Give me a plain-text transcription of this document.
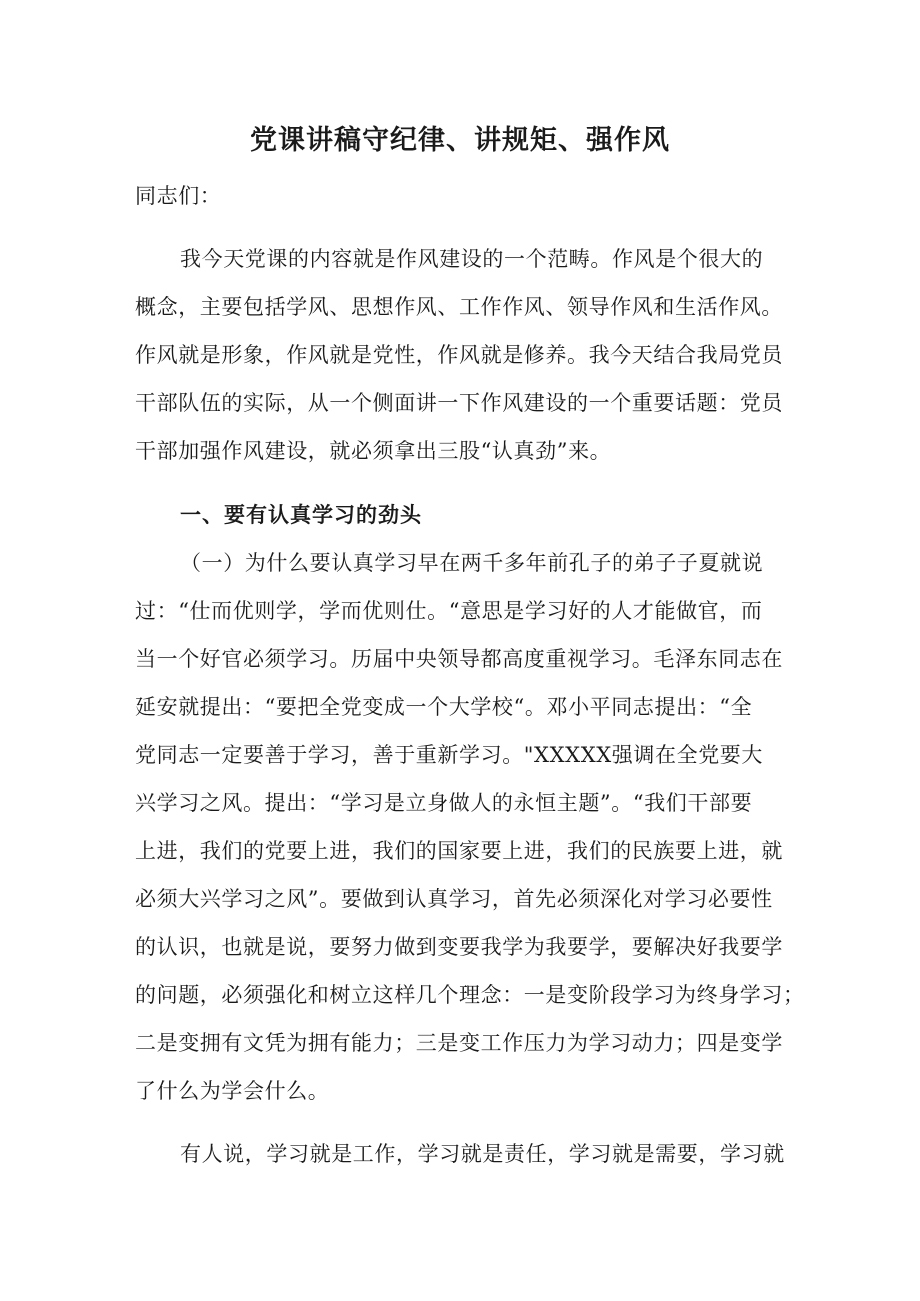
党课讲稿守纪律、讲规矩、强作风
同志们：
我今天党课的内容就是作风建设的一个范畴。作风是个很大的
概念，主要包括学风、思想作风、工作作风、领导作风和生活作风。
作风就是形象，作风就是党性，作风就是修养。我今天结合我局党员
干部队伍的实际，从一个侧面讲一下作风建设的一个重要话题：党员
干部加强作风建设，就必须拿出三股“认真劲”来。
一、要有认真学习的劲头
（一）为什么要认真学习早在两千多年前孔子的弟子子夏就说
过：“仕而优则学，学而优则仕。“意思是学习好的人才能做官，而
当一个好官必须学习。历届中央领导都高度重视学习。毛泽东同志在
延安就提出：“要把全党变成一个大学校“。邓小平同志提出：“全
党同志一定要善于学习，善于重新学习。"XXXXX强调在全党要大
兴学习之风。提出：“学习是立身做人的永恒主题”。“我们干部要
上进，我们的党要上进，我们的国家要上进，我们的民族要上进，就
必须大兴学习之风”。要做到认真学习，首先必须深化对学习必要性
的认识，也就是说，要努力做到变要我学为我要学，要解决好我要学
的问题，必须强化和树立这样几个理念：一是变阶段学习为终身学习；
二是变拥有文凭为拥有能力；三是变工作压力为学习动力；四是变学
了什么为学会什么。
有人说，学习就是工作，学习就是责任，学习就是需要，学习就
